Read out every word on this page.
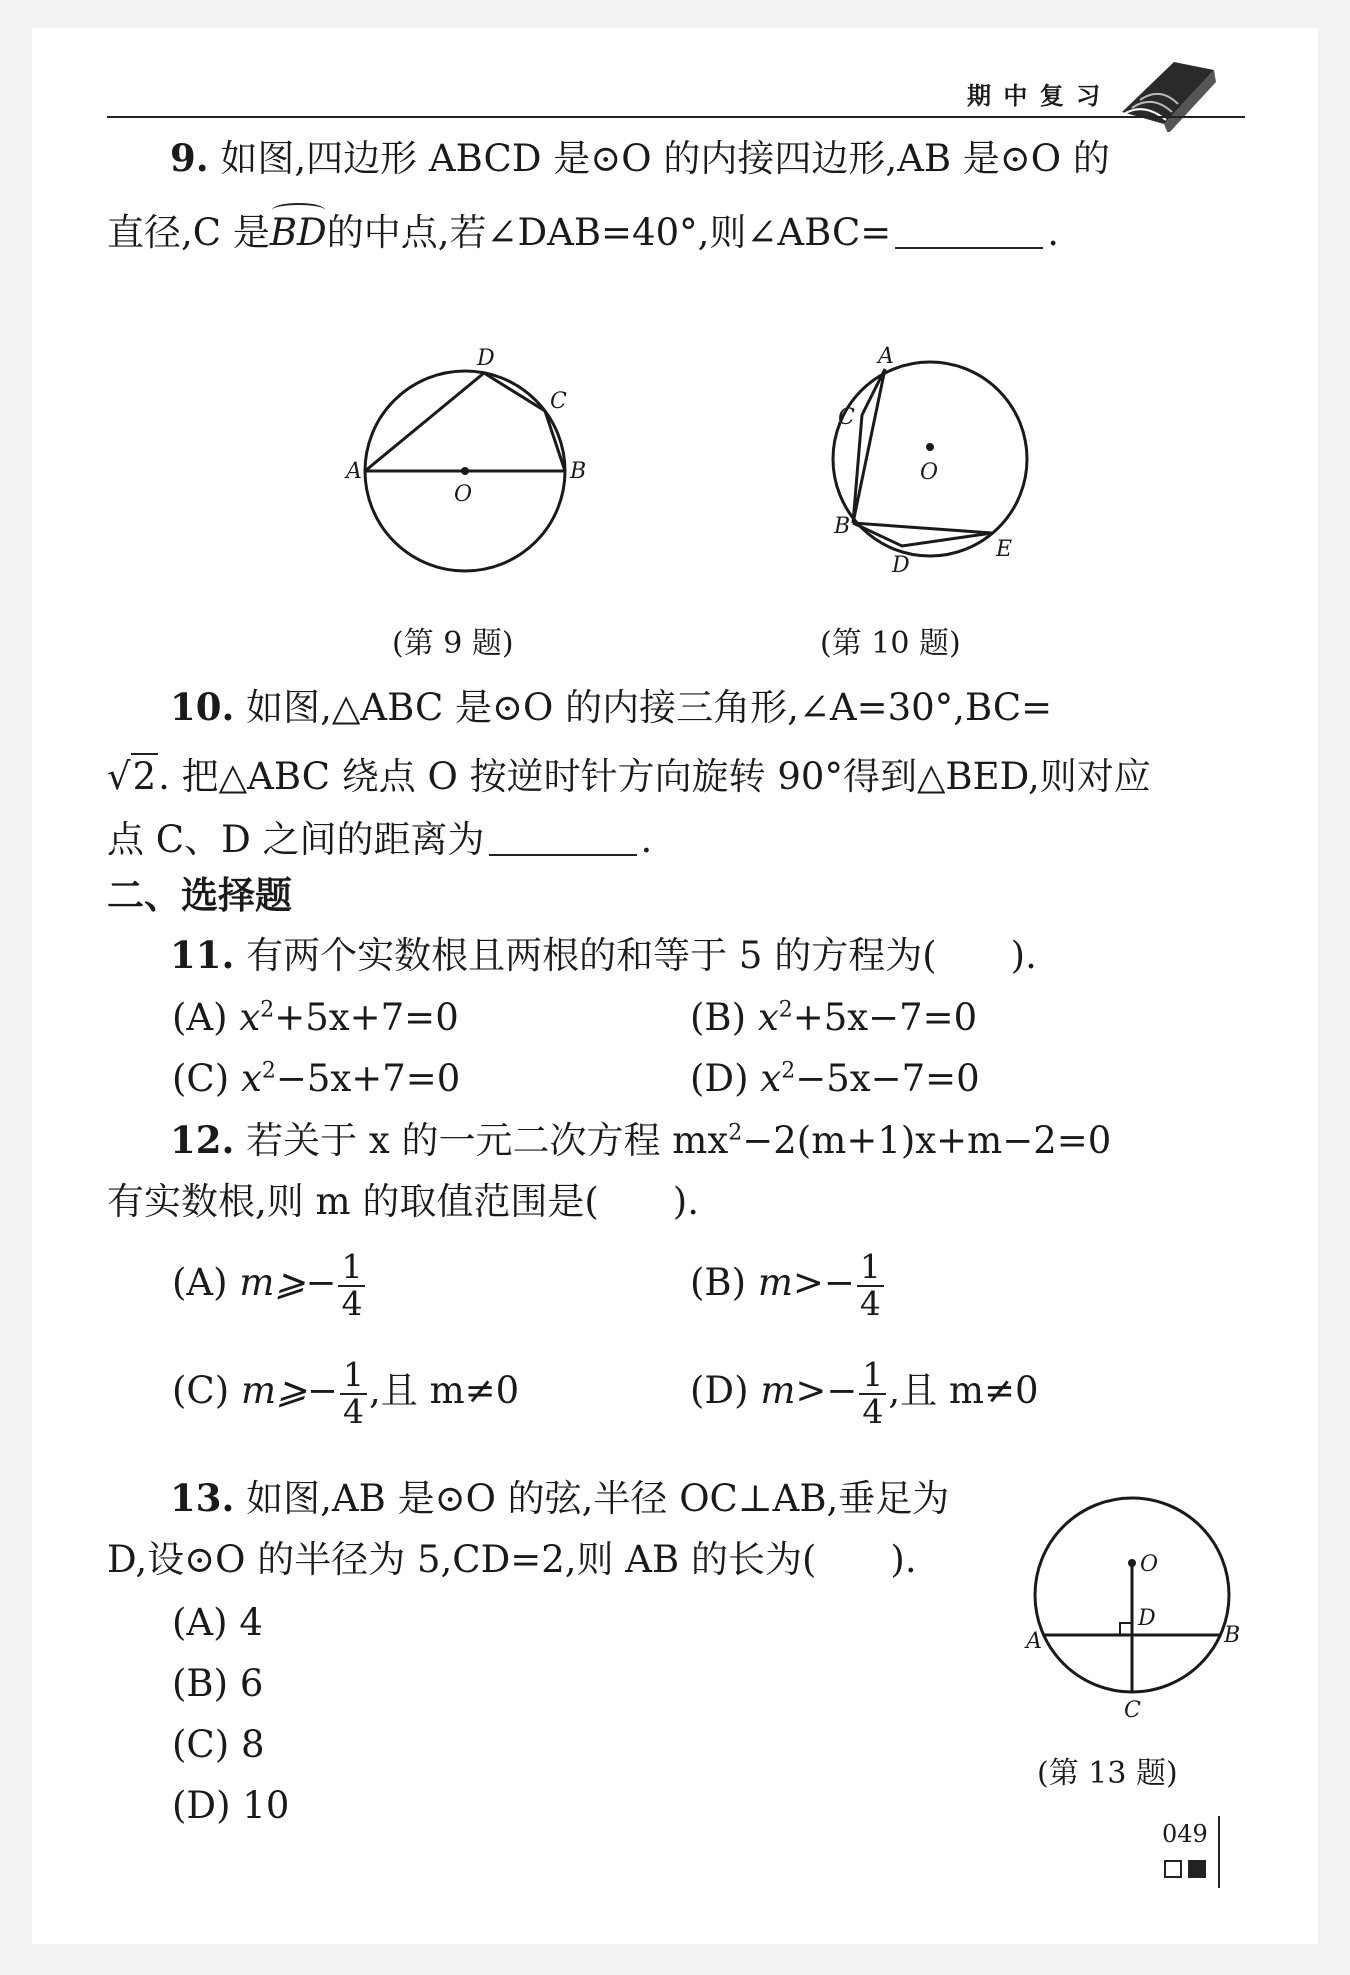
期 中 复 习
9. 如图,四边形 ABCD 是⊙O 的内接四边形,AB 是⊙O 的
直径,C 是BD的中点,若∠DAB=40°,则∠ABC=	.
A	B
C
D
O
(第 9 题)
A
C
B
D
E
O
(第 10 题)
10. 如图,△ABC 是⊙O 的内接三角形,∠A=30°,BC=
√2. 把△ABC 绕点 O 按逆时针方向旋转 90°得到△BED,则对应
点 C、D 之间的距离为	.
二、选择题
11. 有两个实数根且两根的和等于 5 的方程为(　　).
(A) $x^2+5x+7=0$	(B) $x^2+5x-7=0$
(C) $x^2-5x+7=0$	(D) $x^2-5x-7=0$
12. 若关于 x 的一元二次方程 $mx^2-2(m+1)x+m-2=0$
有实数根,则 m 的取值范围是(　　).
(A) m⩾− $\frac{1}{4}$	(B) $m>- \frac{1}{4}$
(C) m⩾− $\frac{1}{4}$ ,且 m≠0	(D) $m>- \frac{1}{4}$ ,且 m≠0
13. 如图,AB 是⊙O 的弦,半径 OC⊥AB,垂足为
D,设⊙O 的半径为 5,CD=2,则 AB 的长为(　　).
(A) 4
(B) 6
(C) 8
(D) 10
O
D
A	B
C
(第 13 题)
049
